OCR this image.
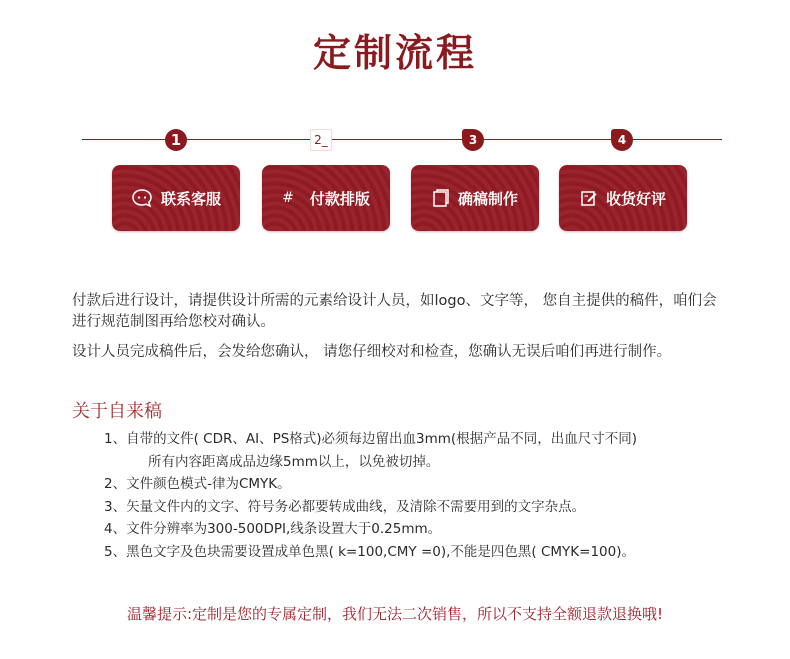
定制流程
1	2_	3	4
联系客服	# 付款排版	确稿制作	收货好评
付款后进行设计，请提供设计所需的元素给设计人员，如logo、文字等， 您自主提供的稿件，咱们会进行规范制图再给您校对确认。
设计人员完成稿件后，会发给您确认， 请您仔细校对和检查，您确认无误后咱们再进行制作。
关于自来稿
1、自带的文件( CDR、AI、PS格式)必须每边留出血3mm(根据产品不同，出血尺寸不同)
所有内容距离成品边缘5mm以上，以免被切掉。
2、文件颜色模式-律为CMYK。
3、矢量文件内的文字、符号务必都要转成曲线，及清除不需要用到的文字杂点。
4、文件分辨率为300-500DPI,线条设置大于0.25mm。
5、黑色文字及色块需要设置成单色黑( k=100,CMY =0),不能是四色黑( CMYK=100)。
温馨提示:定制是您的专属定制，我们无法二次销售，所以不支持全额退款退换哦!
